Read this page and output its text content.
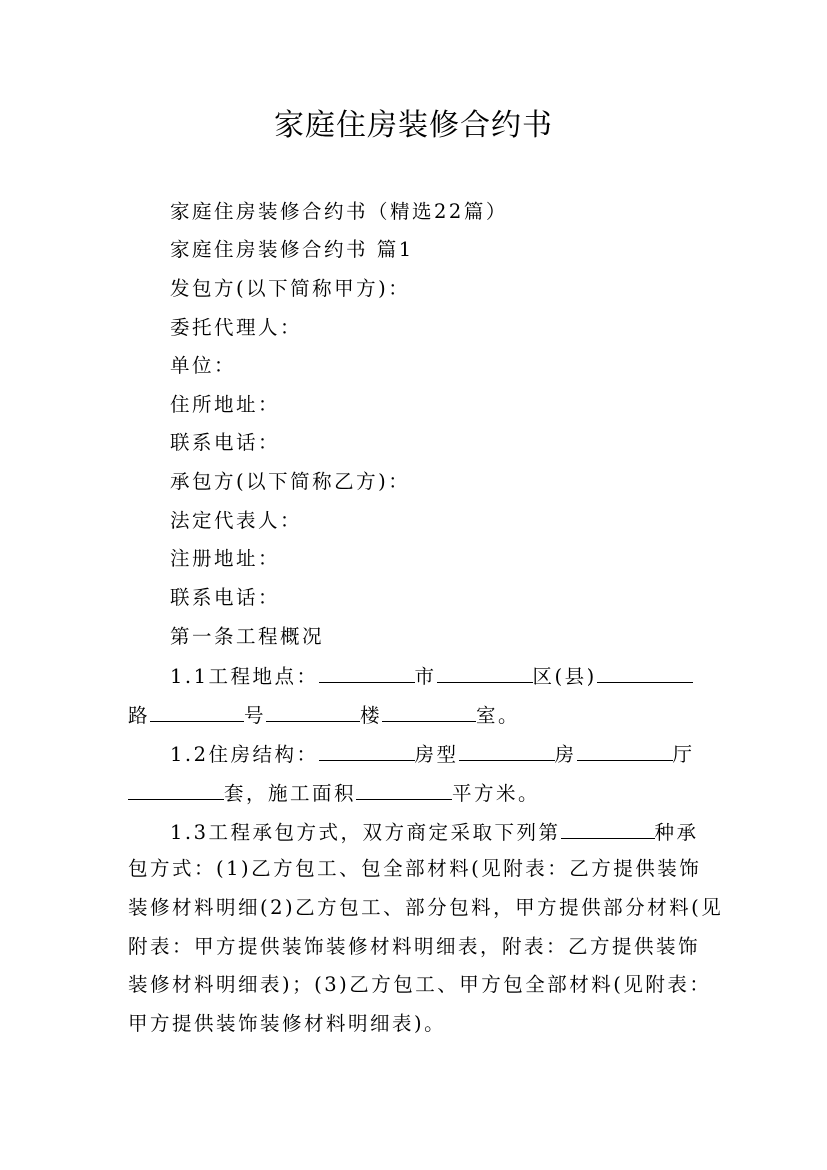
家庭住房装修合约书
家庭住房装修合约书（精选22篇）
家庭住房装修合约书 篇1
发包方(以下简称甲方)：
委托代理人：
单位：
住所地址：
联系电话：
承包方(以下简称乙方)：
法定代表人：
注册地址：
联系电话：
第一条工程概况
1.1工程地点：	市	区(县)
路	号	楼	室。
1.2住房结构：	房型	房	厅
套，施工面积	平方米。
1.3工程承包方式，双方商定采取下列第	种承
包方式：(1)乙方包工、包全部材料(见附表：乙方提供装饰
装修材料明细(2)乙方包工、部分包料，甲方提供部分材料(见
附表：甲方提供装饰装修材料明细表，附表：乙方提供装饰
装修材料明细表)；(3)乙方包工、甲方包全部材料(见附表：
甲方提供装饰装修材料明细表)。
